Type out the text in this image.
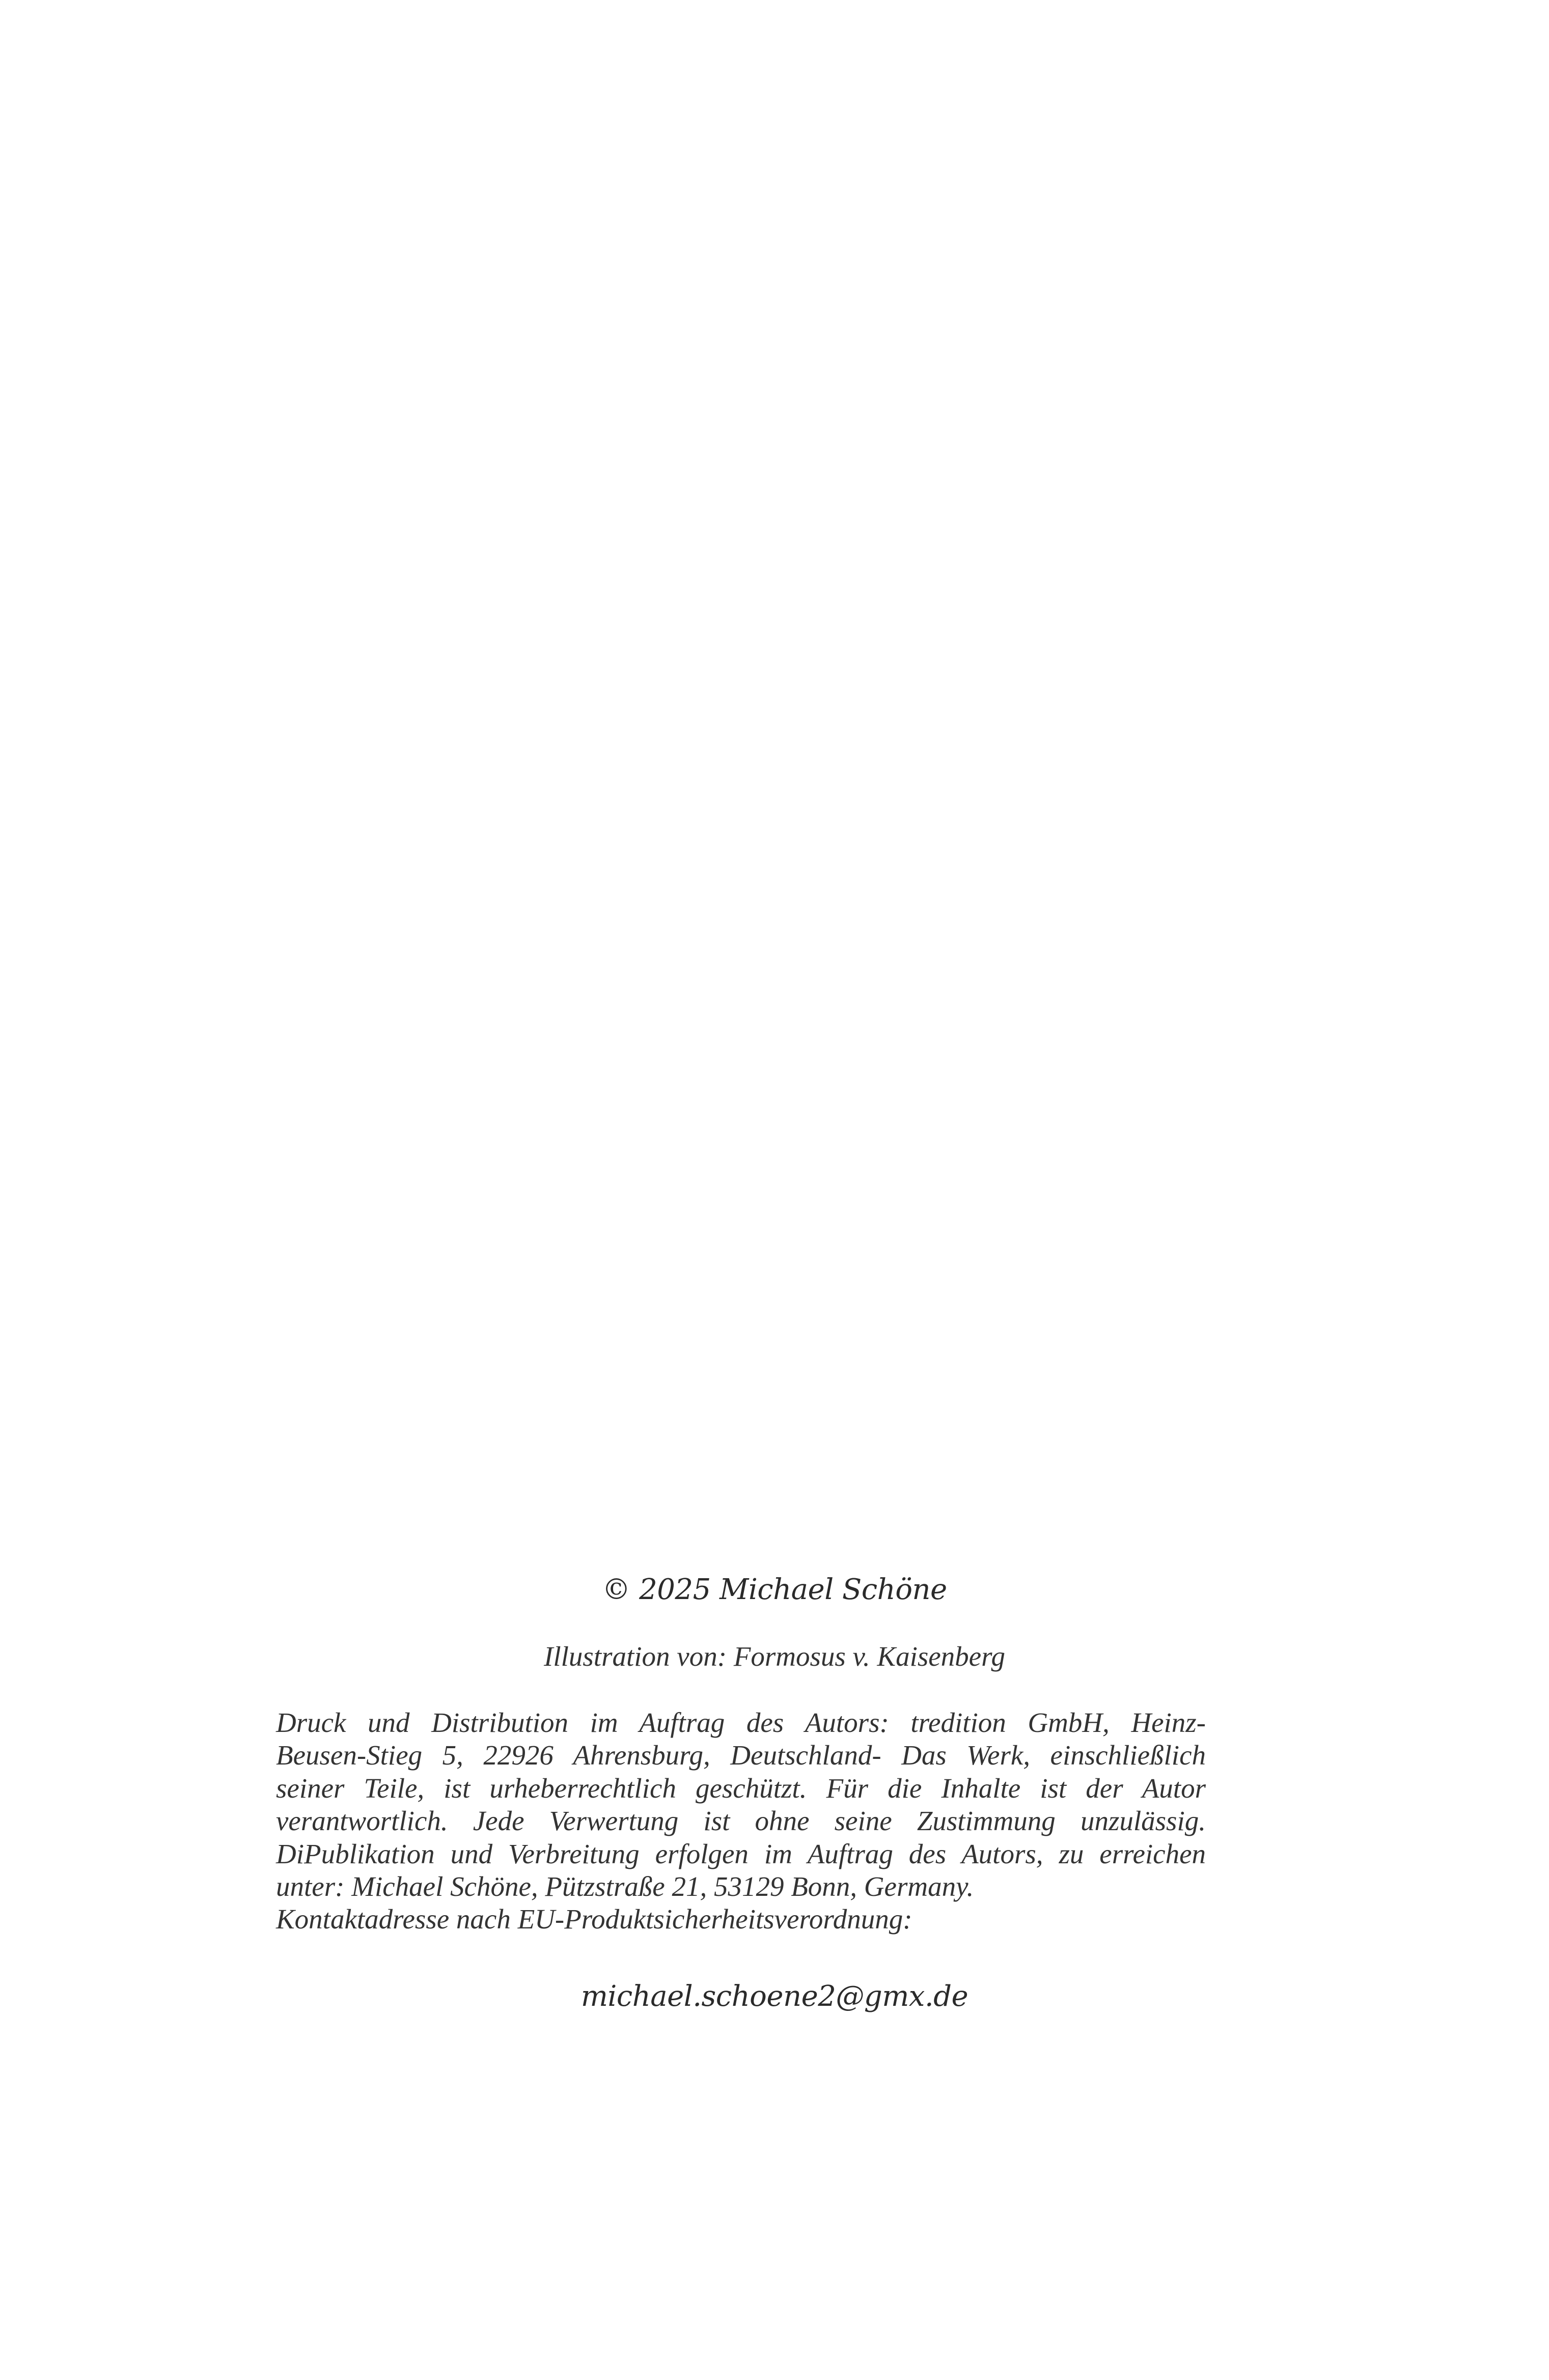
© 2025 Michael Schöne
Illustration von: Formosus v. Kaisenberg
Druck und Distribution im Auftrag des Autors: tredition GmbH, Heinz-
Beusen-Stieg 5, 22926 Ahrensburg, Deutschland- Das Werk, einschließlich
seiner Teile, ist urheberrechtlich geschützt. Für die Inhalte ist der Autor
verantwortlich. Jede Verwertung ist ohne seine Zustimmung unzulässig.
DiPublikation und Verbreitung erfolgen im Auftrag des Autors, zu erreichen
unter: Michael Schöne, Pützstraße 21, 53129 Bonn, Germany.
Kontaktadresse nach EU-Produktsicherheitsverordnung:
michael.schoene2@gmx.de
